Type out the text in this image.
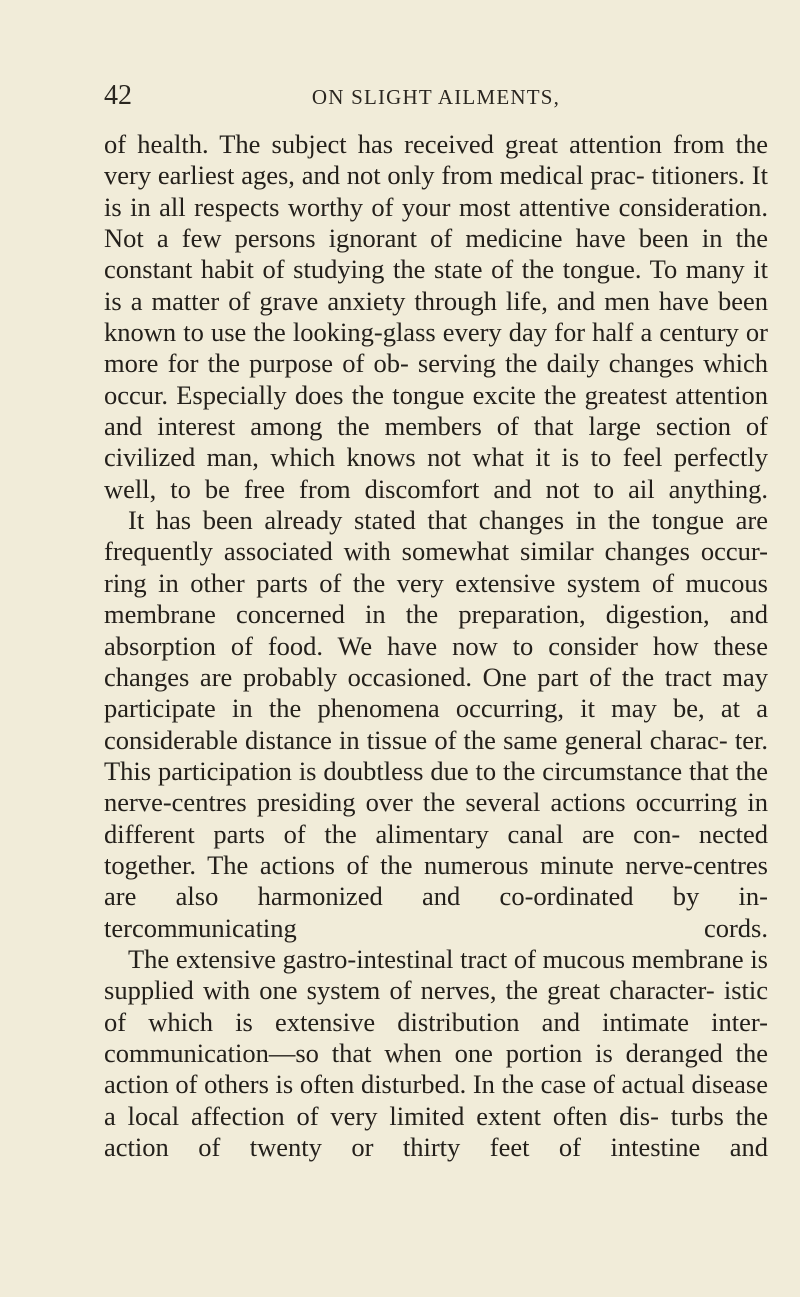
42	ON SLIGHT AILMENTS,

of health. The subject has received great attention from the very earliest ages, and not only from medical prac- titioners. It is in all respects worthy of your most attentive consideration. Not a few persons ignorant of medicine have been in the constant habit of studying the state of the tongue. To many it is a matter of grave anxiety through life, and men have been known to use the looking-glass every day for half a century or more for the purpose of ob- serving the daily changes which occur. Especially does the tongue excite the greatest attention and interest among the members of that large section of civilized man, which knows not what it is to feel perfectly well, to be free from discomfort and not to ail anything.

It has been already stated that changes in the tongue are frequently associated with somewhat similar changes occur- ring in other parts of the very extensive system of mucous membrane concerned in the preparation, digestion, and absorption of food. We have now to consider how these changes are probably occasioned. One part of the tract may participate in the phenomena occurring, it may be, at a considerable distance in tissue of the same general charac- ter. This participation is doubtless due to the circumstance that the nerve-centres presiding over the several actions occurring in different parts of the alimentary canal are con- nected together. The actions of the numerous minute nerve-centres are also harmonized and co-ordinated by in- tercommunicating cords.

The extensive gastro-intestinal tract of mucous membrane is supplied with one system of nerves, the great character- istic of which is extensive distribution and intimate inter- communication—so that when one portion is deranged the action of others is often disturbed. In the case of actual disease a local affection of very limited extent often dis- turbs the action of twenty or thirty feet of intestine and
